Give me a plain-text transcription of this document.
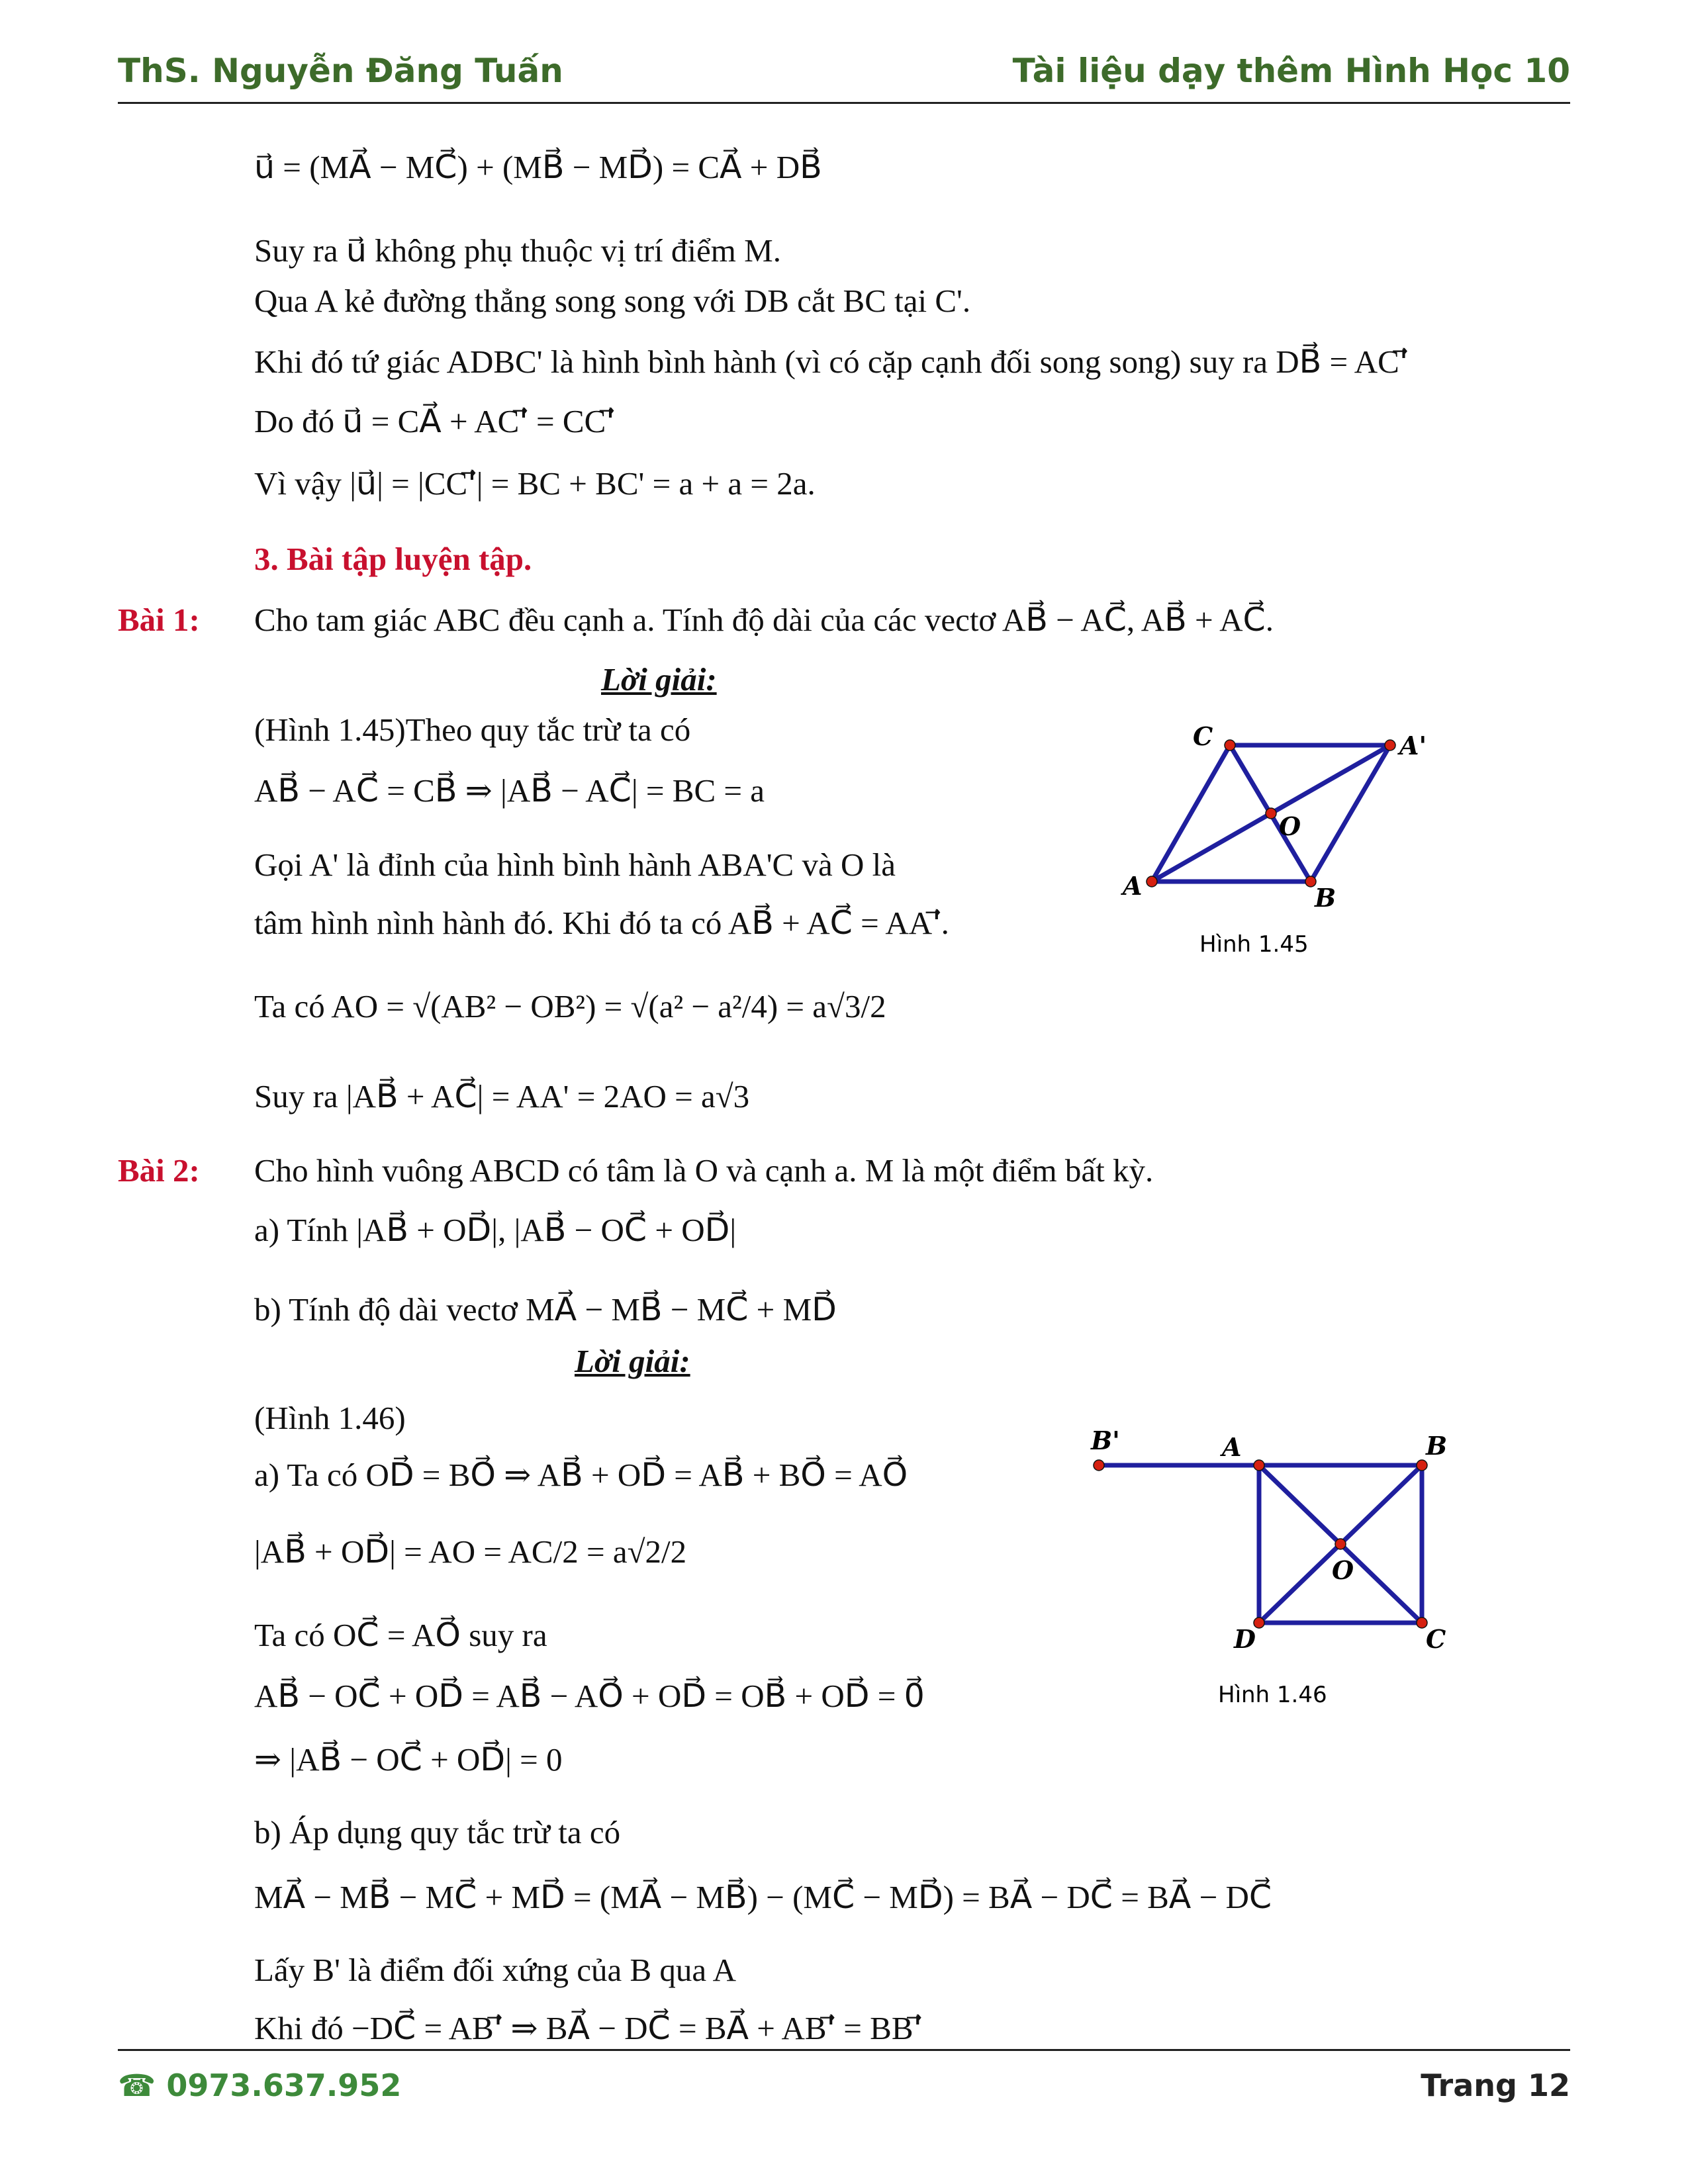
ThS. Nguyễn Đăng Tuấn	Tài liệu dạy thêm Hình Học 10
u⃗ = (MA⃗ − MC⃗) + (MB⃗ − MD⃗) = CA⃗ + DB⃗
Suy ra u⃗ không phụ thuộc vị trí điểm M.
Qua A kẻ đường thẳng song song với DB cắt BC tại C'.
Khi đó tứ giác ADBC' là hình bình hành (vì có cặp cạnh đối song song) suy ra DB⃗ = AC'⃗
Do đó u⃗ = CA⃗ + AC'⃗ = CC'⃗
Vì vậy |u⃗| = |CC'⃗| = BC + BC' = a + a = 2a.
3. Bài tập luyện tập.
Bài 1: Cho tam giác ABC đều cạnh a. Tính độ dài của các vectơ AB⃗ − AC⃗, AB⃗ + AC⃗.
Lời giải:
(Hình 1.45)Theo quy tắc trừ ta có
AB⃗ − AC⃗ = CB⃗ ⇒ |AB⃗ − AC⃗| = BC = a
Gọi A' là đỉnh của hình bình hành ABA'C và O là
tâm hình nình hành đó. Khi đó ta có AB⃗ + AC⃗ = AA'⃗.
Ta có AO = √(AB² − OB²) = √(a² − a²/4) = a√3/2
Suy ra |AB⃗ + AC⃗| = AA' = 2AO = a√3
C	A'
O
A	B
Hình 1.45
Bài 2: Cho hình vuông ABCD có tâm là O và cạnh a. M là một điểm bất kỳ.
a) Tính |AB⃗ + OD⃗|, |AB⃗ − OC⃗ + OD⃗|
b) Tính độ dài vectơ MA⃗ − MB⃗ − MC⃗ + MD⃗
Lời giải:
(Hình 1.46)
a) Ta có OD⃗ = BO⃗ ⇒ AB⃗ + OD⃗ = AB⃗ + BO⃗ = AO⃗
|AB⃗ + OD⃗| = AO = AC/2 = a√2/2
Ta có OC⃗ = AO⃗ suy ra
AB⃗ − OC⃗ + OD⃗ = AB⃗ − AO⃗ + OD⃗ = OB⃗ + OD⃗ = 0⃗
⇒ |AB⃗ − OC⃗ + OD⃗| = 0
b) Áp dụng quy tắc trừ ta có
MA⃗ − MB⃗ − MC⃗ + MD⃗ = (MA⃗ − MB⃗) − (MC⃗ − MD⃗) = BA⃗ − DC⃗ = BA⃗ − DC⃗
Lấy B' là điểm đối xứng của B qua A
Khi đó −DC⃗ = AB'⃗ ⇒ BA⃗ − DC⃗ = BA⃗ + AB'⃗ = BB'⃗
B'	A	B
O
D	C
Hình 1.46
☎ 0973.637.952	Trang 12
